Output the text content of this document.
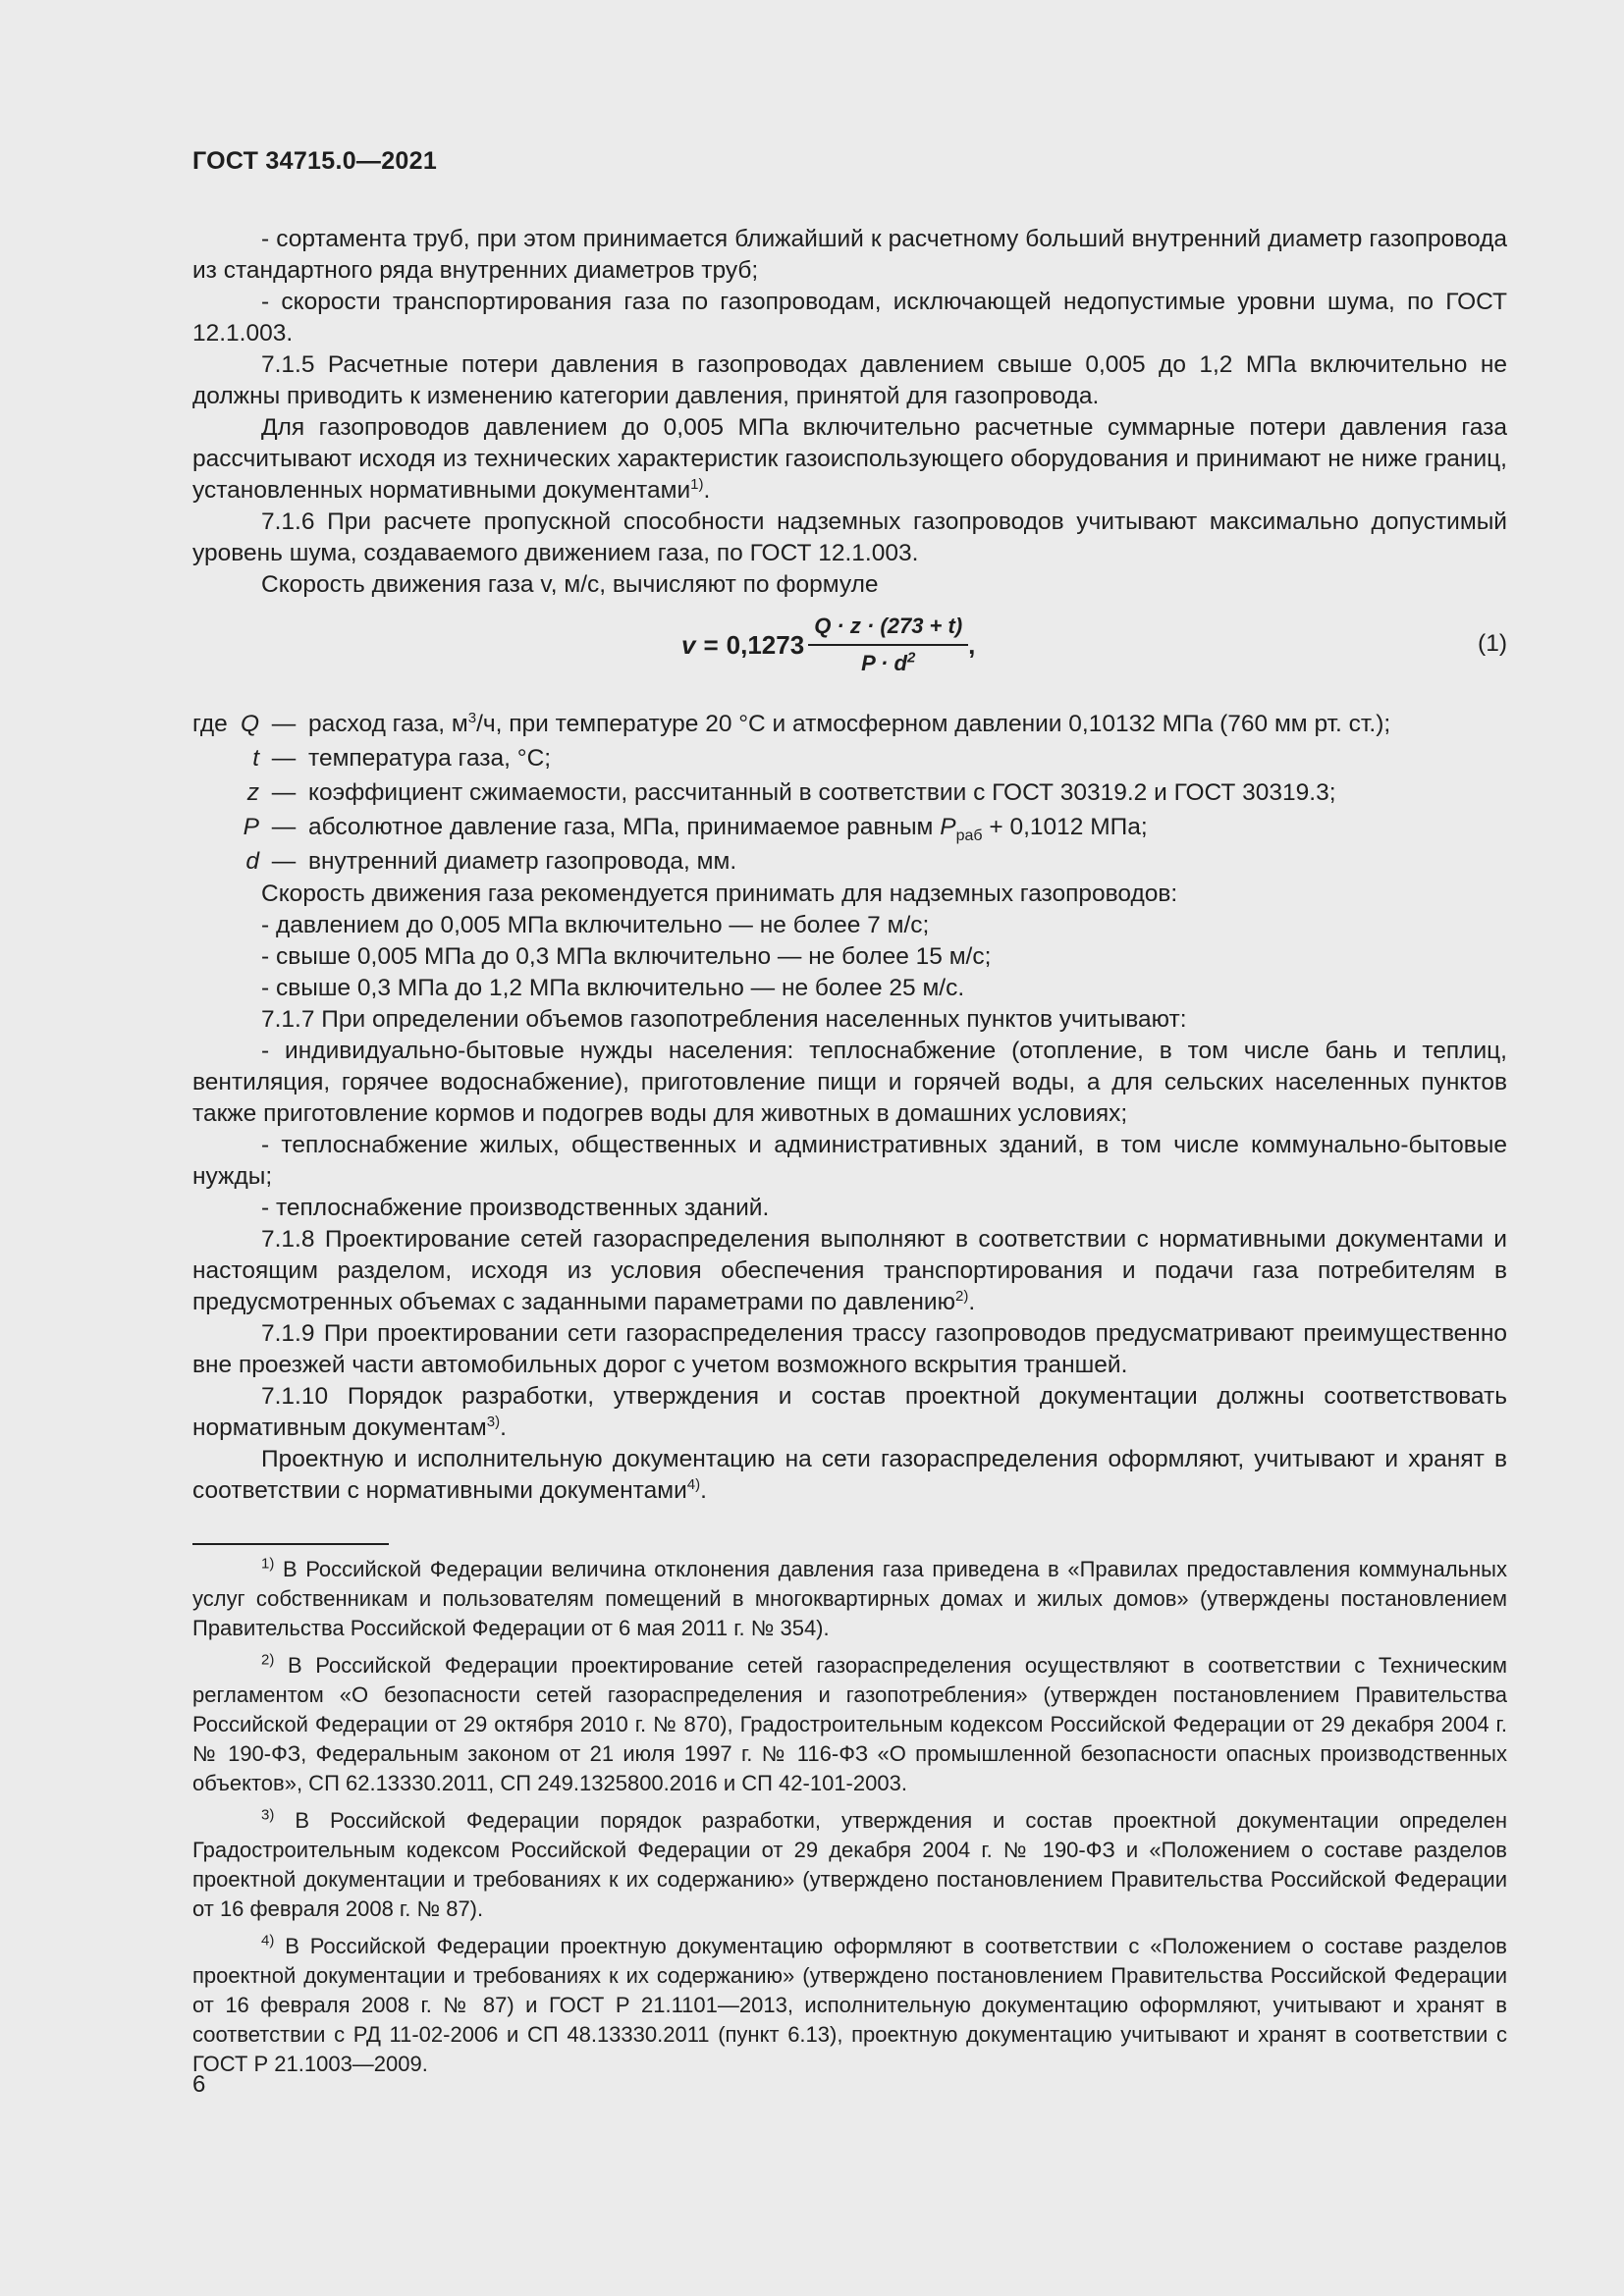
ГОСТ 34715.0—2021

- сортамента труб, при этом принимается ближайший к расчетному больший внутренний диаметр газопровода из стандартного ряда внутренних диаметров труб;

- скорости транспортирования газа по газопроводам, исключающей недопустимые уровни шума, по ГОСТ 12.1.003.

7.1.5 Расчетные потери давления в газопроводах давлением свыше 0,005 до 1,2 МПа включительно не должны приводить к изменению категории давления, принятой для газопровода.

Для газопроводов давлением до 0,005 МПа включительно расчетные суммарные потери давления газа рассчитывают исходя из технических характеристик газоиспользующего оборудования и принимают не ниже границ, установленных нормативными документами$^{1)}$.

7.1.6 При расчете пропускной способности надземных газопроводов учитывают максимально допустимый уровень шума, создаваемого движением газа, по ГОСТ 12.1.003.

Скорость движения газа v, м/с, вычисляют по формуле

$v = 0,1273 \frac{Q \cdot z \cdot (273 + t)}{P \cdot d^2}$ ,	(1)
где Q — расход газа, $м^3/ч$, при температуре 20 °С и атмосферном давлении 0,10132 МПа (760 мм рт. ст.);
t — температура газа, °С;
z — коэффициент сжимаемости, рассчитанный в соответствии с ГОСТ 30319.2 и ГОСТ 30319.3;
P — абсолютное давление газа, МПа, принимаемое равным $P_{раб} + 0,1012$ МПа;
d — внутренний диаметр газопровода, мм.

Скорость движения газа рекомендуется принимать для надземных газопроводов:

- давлением до 0,005 МПа включительно — не более 7 м/с;

- свыше 0,005 МПа до 0,3 МПа включительно — не более 15 м/с;

- свыше 0,3 МПа до 1,2 МПа включительно — не более 25 м/с.

7.1.7 При определении объемов газопотребления населенных пунктов учитывают:

- индивидуально-бытовые нужды населения: теплоснабжение (отопление, в том числе бань и теплиц, вентиляция, горячее водоснабжение), приготовление пищи и горячей воды, а для сельских населенных пунктов также приготовление кормов и подогрев воды для животных в домашних условиях;

- теплоснабжение жилых, общественных и административных зданий, в том числе коммунально-бытовые нужды;

- теплоснабжение производственных зданий.

7.1.8 Проектирование сетей газораспределения выполняют в соответствии с нормативными документами и настоящим разделом, исходя из условия обеспечения транспортирования и подачи газа потребителям в предусмотренных объемах с заданными параметрами по давлению$^{2)}$.

7.1.9 При проектировании сети газораспределения трассу газопроводов предусматривают преимущественно вне проезжей части автомобильных дорог с учетом возможного вскрытия траншей.

7.1.10 Порядок разработки, утверждения и состав проектной документации должны соответствовать нормативным документам$^{3)}$.

Проектную и исполнительную документацию на сети газораспределения оформляют, учитывают и хранят в соответствии с нормативными документами$^{4)}$.

$^{1)}$ В Российской Федерации величина отклонения давления газа приведена в «Правилах предоставления коммунальных услуг собственникам и пользователям помещений в многоквартирных домах и жилых домов» (утверждены постановлением Правительства Российской Федерации от 6 мая 2011 г. № 354).

$^{2)}$ В Российской Федерации проектирование сетей газораспределения осуществляют в соответствии с Техническим регламентом «О безопасности сетей газораспределения и газопотребления» (утвержден постановлением Правительства Российской Федерации от 29 октября 2010 г. № 870), Градостроительным кодексом Российской Федерации от 29 декабря 2004 г. № 190-ФЗ, Федеральным законом от 21 июля 1997 г. № 116-ФЗ «О промышленной безопасности опасных производственных объектов», СП 62.13330.2011, СП 249.1325800.2016 и СП 42-101-2003.

$^{3)}$ В Российской Федерации порядок разработки, утверждения и состав проектной документации определен Градостроительным кодексом Российской Федерации от 29 декабря 2004 г. № 190-ФЗ и «Положением о составе разделов проектной документации и требованиях к их содержанию» (утверждено постановлением Правительства Российской Федерации от 16 февраля 2008 г. № 87).

$^{4)}$ В Российской Федерации проектную документацию оформляют в соответствии с «Положением о составе разделов проектной документации и требованиях к их содержанию» (утверждено постановлением Правительства Российской Федерации от 16 февраля 2008 г. № 87) и ГОСТ Р 21.1101—2013, исполнительную документацию оформляют, учитывают и хранят в соответствии с РД 11-02-2006 и СП 48.13330.2011 (пункт 6.13), проектную документацию учитывают и хранят в соответствии с ГОСТ Р 21.1003—2009.

6
